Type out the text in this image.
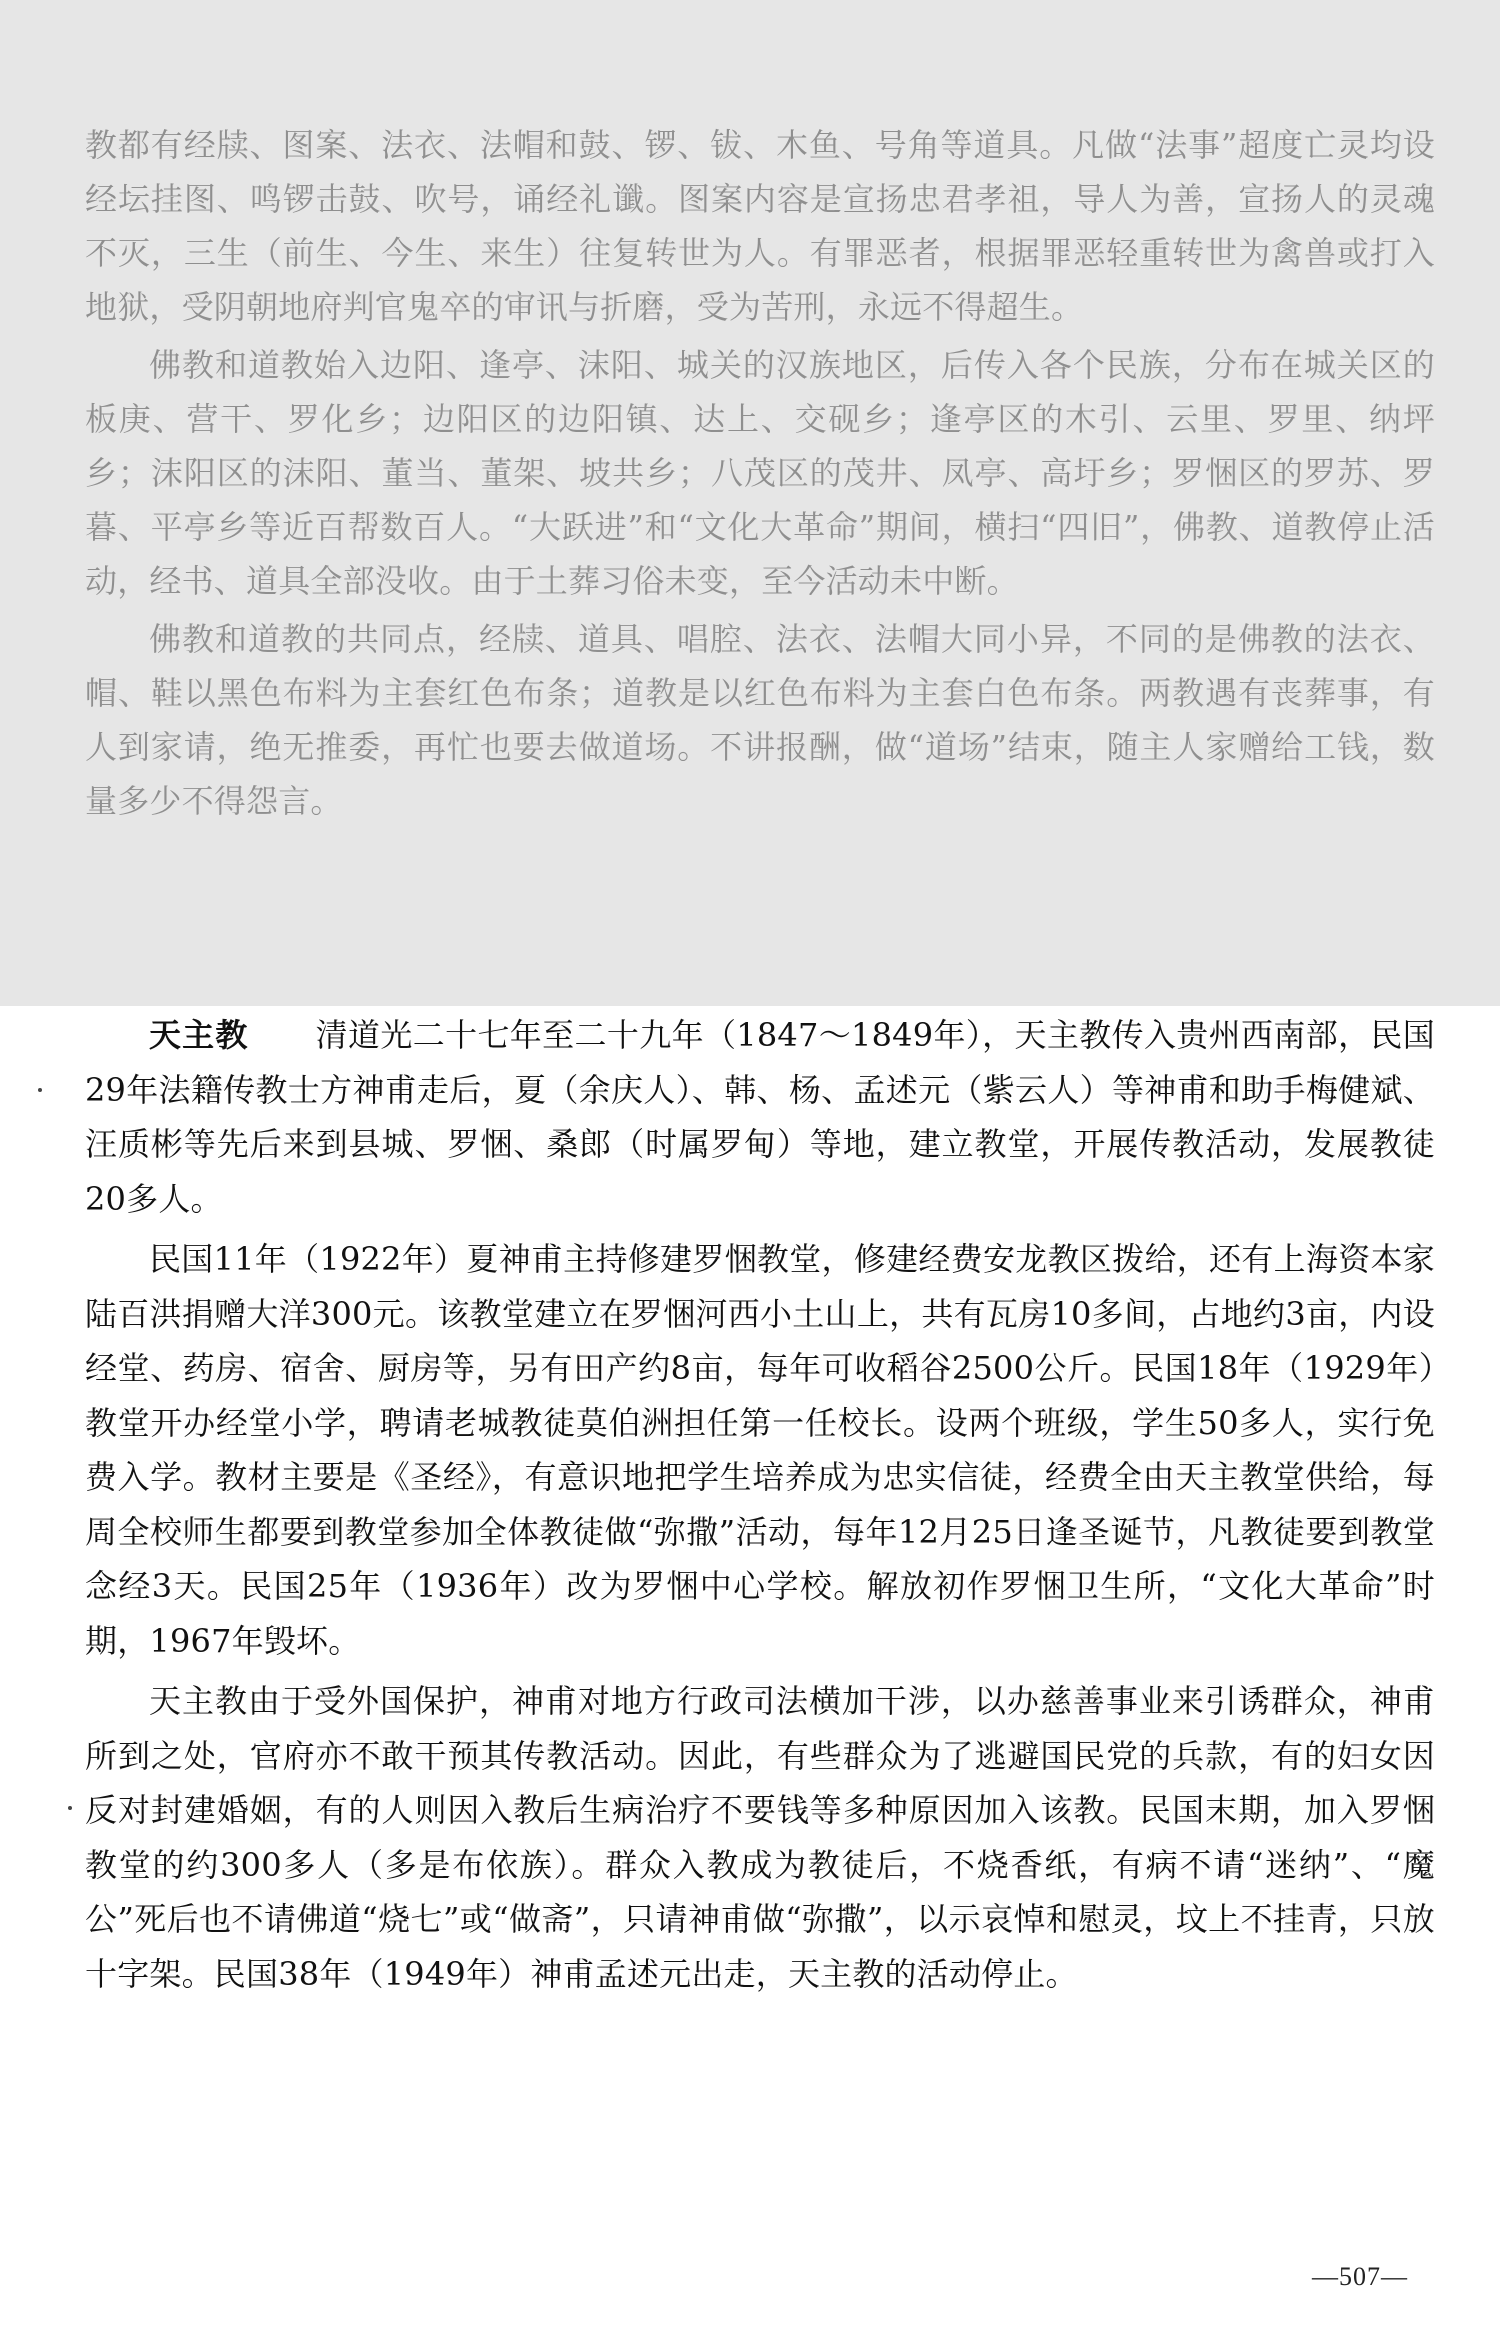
教都有经牍、图案、法衣、法帽和鼓、锣、钹、木鱼、号角等道具。凡做“法事”超度亡灵均设经坛挂图、鸣锣击鼓、吹号，诵经礼谶。图案内容是宣扬忠君孝祖，导人为善，宣扬人的灵魂不灭，三生（前生、今生、来生）往复转世为人。有罪恶者，根据罪恶轻重转世为禽兽或打入地狱，受阴朝地府判官鬼卒的审讯与折磨，受为苦刑，永远不得超生。

佛教和道教始入边阳、逢亭、沫阳、城关的汉族地区，后传入各个民族，分布在城关区的板庚、营干、罗化乡；边阳区的边阳镇、达上、交砚乡；逢亭区的木引、云里、罗里、纳坪乡；沫阳区的沫阳、董当、董架、坡共乡；八茂区的茂井、凤亭、高圩乡；罗悃区的罗苏、罗暮、平亭乡等近百帮数百人。“大跃进”和“文化大革命”期间，横扫“四旧”，佛教、道教停止活动，经书、道具全部没收。由于土葬习俗未变，至今活动未中断。

佛教和道教的共同点，经牍、道具、唱腔、法衣、法帽大同小异，不同的是佛教的法衣、帽、鞋以黑色布料为主套红色布条；道教是以红色布料为主套白色布条。两教遇有丧葬事，有人到家请，绝无推委，再忙也要去做道场。不讲报酬，做“道场”结束，随主人家赠给工钱，数量多少不得怨言。

天主教 清道光二十七年至二十九年（1847～1849年），天主教传入贵州西南部，民国29年法籍传教士方神甫走后，夏（余庆人）、韩、杨、孟述元（紫云人）等神甫和助手梅健斌、汪质彬等先后来到县城、罗悃、桑郎（时属罗甸）等地，建立教堂，开展传教活动，发展教徒20多人。

民国11年（1922年）夏神甫主持修建罗悃教堂，修建经费安龙教区拨给，还有上海资本家陆百洪捐赠大洋300元。该教堂建立在罗悃河西小土山上，共有瓦房10多间，占地约3亩，内设经堂、药房、宿舍、厨房等，另有田产约8亩，每年可收稻谷2500公斤。民国18年（1929年）教堂开办经堂小学，聘请老城教徒莫伯洲担任第一任校长。设两个班级，学生50多人，实行免费入学。教材主要是《圣经》，有意识地把学生培养成为忠实信徒，经费全由天主教堂供给，每周全校师生都要到教堂参加全体教徒做“弥撒”活动，每年12月25日逢圣诞节，凡教徒要到教堂念经3天。民国25年（1936年）改为罗悃中心学校。解放初作罗悃卫生所，“文化大革命”时期，1967年毁坏。

天主教由于受外国保护，神甫对地方行政司法横加干涉，以办慈善事业来引诱群众，神甫所到之处，官府亦不敢干预其传教活动。因此，有些群众为了逃避国民党的兵款，有的妇女因反对封建婚姻，有的人则因入教后生病治疗不要钱等多种原因加入该教。民国末期，加入罗悃教堂的约300多人（多是布依族）。群众入教成为教徒后，不烧香纸，有病不请“迷纳”、“魔公”死后也不请佛道“烧七”或“做斋”，只请神甫做“弥撒”，以示哀悼和慰灵，坟上不挂青，只放十字架。民国38年（1949年）神甫孟述元出走，天主教的活动停止。

—507—
